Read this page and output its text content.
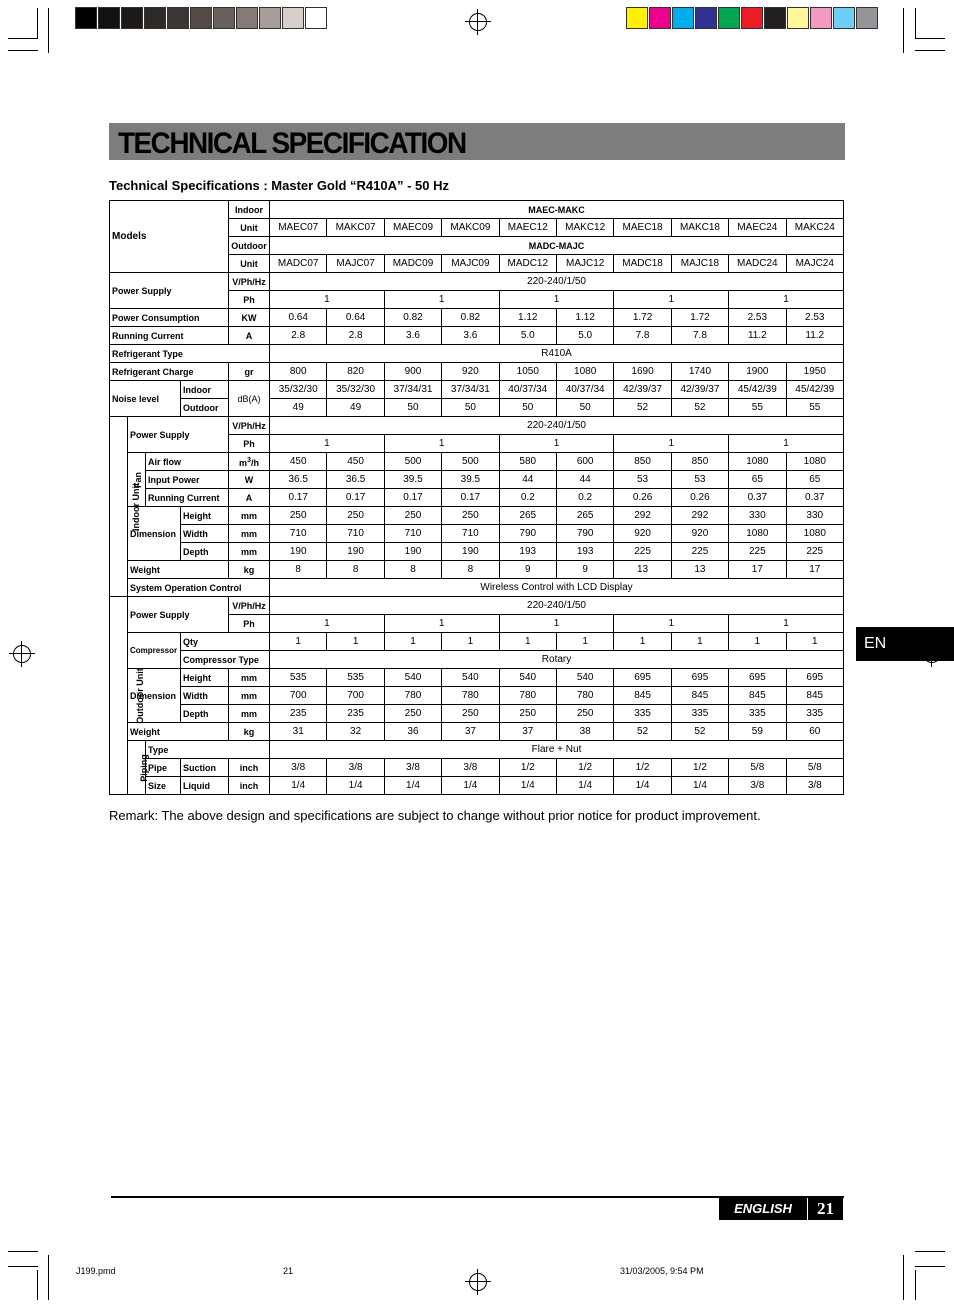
TECHNICAL SPECIFICATION
Technical Specifications : Master Gold “R410A” - 50 Hz
Models				Indoor	MAEC-MAKC									
				Unit	MAEC07	MAKC07	MAEC09	MAKC09	MAEC12	MAKC12	MAEC18	MAKC18	MAEC24	MAKC24
				Outdoor	MADC-MAJC									
				Unit	MADC07	MAJC07	MADC09	MAJC09	MADC12	MAJC12	MADC18	MAJC18	MADC24	MAJC24
Power Supply				V/Ph/Hz	220-240/1/50									
				Ph	1		1		1		1		1	
Power Consumption				KW	0.64	0.64	0.82	0.82	1.12	1.12	1.72	1.72	2.53	2.53
Running Current				A	2.8	2.8	3.6	3.6	5.0	5.0	7.8	7.8	11.2	11.2
Refrigerant Type					R410A									
Refrigerant Charge				gr	800	820	900	920	1050	1080	1690	1740	1900	1950
Noise level			Indoor	dB(A)	35/32/30	35/32/30	37/34/31	37/34/31	40/37/34	40/37/34	42/39/37	42/39/37	45/42/39	45/42/39
			Outdoor		49	49	50	50	50	50	52	52	55	55
Indoor Unit	Power Supply			V/Ph/Hz	220-240/1/50									
				Ph	1		1		1		1		1	
	Fan	Air flow		$m^3/h$	450	450	500	500	580	600	850	850	1080	1080
		Input Power		W	36.5	36.5	39.5	39.5	44	44	53	53	65	65
		Running Current		A	0.17	0.17	0.17	0.17	0.2	0.2	0.26	0.26	0.37	0.37
	Dimension		Height	mm	250	250	250	250	265	265	292	292	330	330
			Width	mm	710	710	710	710	790	790	920	920	1080	1080
			Depth	mm	190	190	190	190	193	193	225	225	225	225
	Weight			kg	8	8	8	8	9	9	13	13	17	17
	System Operation Control				Wireless Control with LCD Display									
Outdoor Unit	Power Supply			V/Ph/Hz	220-240/1/50									
				Ph	1		1		1		1		1	
	Compressor		Qty		1	1	1	1	1	1	1	1	1	1
			Compressor Type		Rotary									
	Dimension		Height	mm	535	535	540	540	540	540	695	695	695	695
			Width	mm	700	700	780	780	780	780	845	845	845	845
			Depth	mm	235	235	250	250	250	250	335	335	335	335
	Weight			kg	31	32	36	37	37	38	52	52	59	60
	Piping	Type			Flare + Nut									
		Pipe	Suction	inch	3/8	3/8	3/8	3/8	1/2	1/2	1/2	1/2	5/8	5/8
		Size	Liquid	inch	1/4	1/4	1/4	1/4	1/4	1/4	1/4	1/4	3/8	3/8
Remark: The above design and specifications are subject to change without prior notice for product improvement.
EN
ENGLISH	21
J199.pmd	21	31/03/2005, 9:54 PM
